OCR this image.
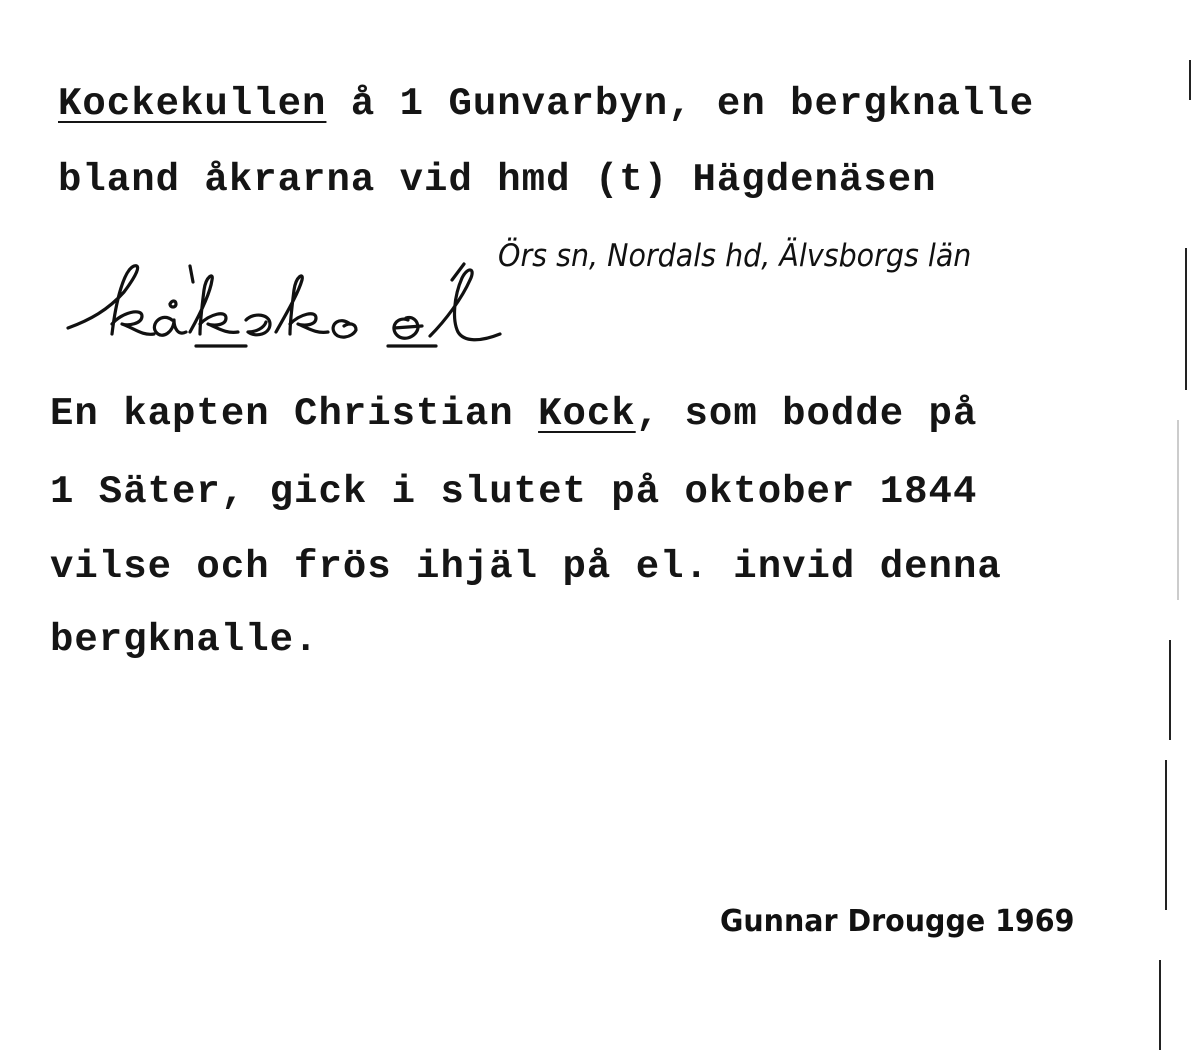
Kockekullen å 1 Gunvarbyn, en bergknalle
bland åkrarna vid hmd (t) Hägdenäsen
Örs sn, Nordals hd, Älvsborgs län
En kapten Christian Kock, som bodde på
1 Säter, gick i slutet på oktober 1844
vilse och frös ihjäl på el. invid denna
bergknalle.
Gunnar Drougge 1969
